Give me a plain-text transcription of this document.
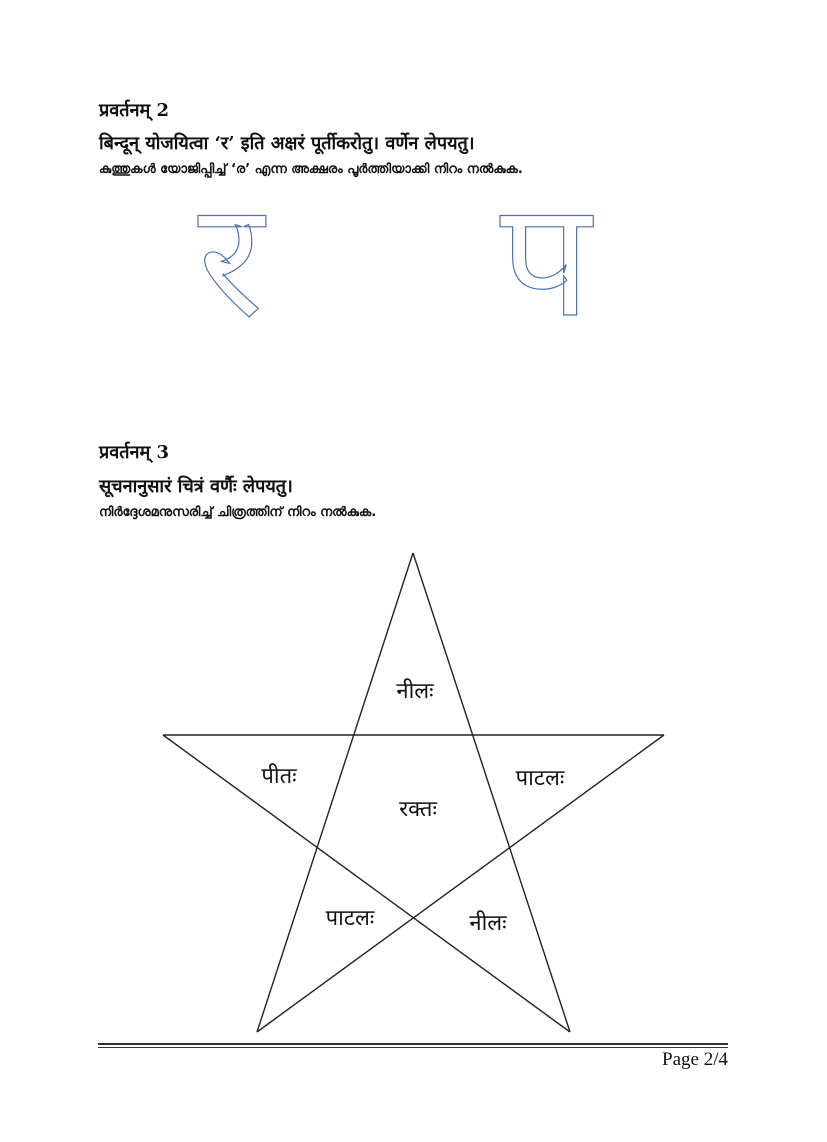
प्रवर्तनम् 2
बिन्दून् योजयित्वा ‘र’ इति अक्षरं पूर्तीकरोतु। वर्णेन लेपयतु।
കുത്തുകൾ യോജിപ്പിച്ച് ‘ര’ എന്ന അക്ഷരം പൂർത്തിയാക്കി നിറം നൽകുക.
र प
प्रवर्तनम् 3
सूचनानुसारं चित्रं वर्णैः लेपयतु।
നിർദ്ദേശമനുസരിച്ച് ചിത്രത്തിന് നിറം നൽകുക.
नीलः
पीतः
रक्तः
पाटलः
पाटलः	नीलः
Page 2/4
